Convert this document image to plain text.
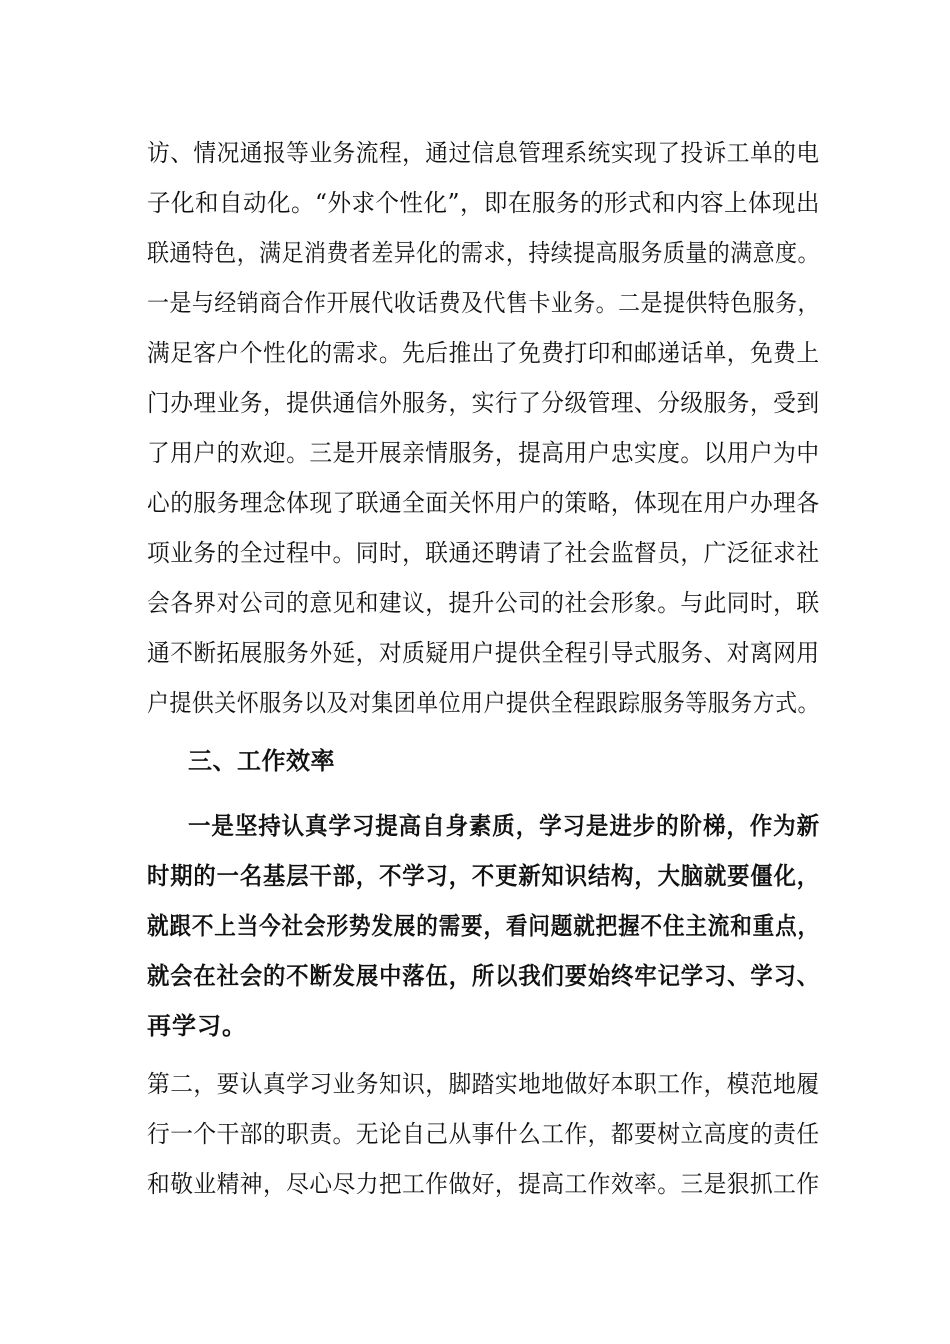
访、情况通报等业务流程，通过信息管理系统实现了投诉工单的电
子化和自动化。“外求个性化”，即在服务的形式和内容上体现出
联通特色，满足消费者差异化的需求，持续提高服务质量的满意度。
一是与经销商合作开展代收话费及代售卡业务。二是提供特色服务，
满足客户个性化的需求。先后推出了免费打印和邮递话单，免费上
门办理业务，提供通信外服务，实行了分级管理、分级服务，受到
了用户的欢迎。三是开展亲情服务，提高用户忠实度。以用户为中
心的服务理念体现了联通全面关怀用户的策略，体现在用户办理各
项业务的全过程中。同时，联通还聘请了社会监督员，广泛征求社
会各界对公司的意见和建议，提升公司的社会形象。与此同时，联
通不断拓展服务外延，对质疑用户提供全程引导式服务、对离网用
户提供关怀服务以及对集团单位用户提供全程跟踪服务等服务方式。
三、工作效率
一是坚持认真学习提高自身素质，学习是进步的阶梯，作为新
时期的一名基层干部，不学习，不更新知识结构，大脑就要僵化，
就跟不上当今社会形势发展的需要，看问题就把握不住主流和重点，
就会在社会的不断发展中落伍，所以我们要始终牢记学习、学习、
再学习。
第二，要认真学习业务知识，脚踏实地地做好本职工作，模范地履
行一个干部的职责。无论自己从事什么工作，都要树立高度的责任
和敬业精神，尽心尽力把工作做好，提高工作效率。三是狠抓工作
